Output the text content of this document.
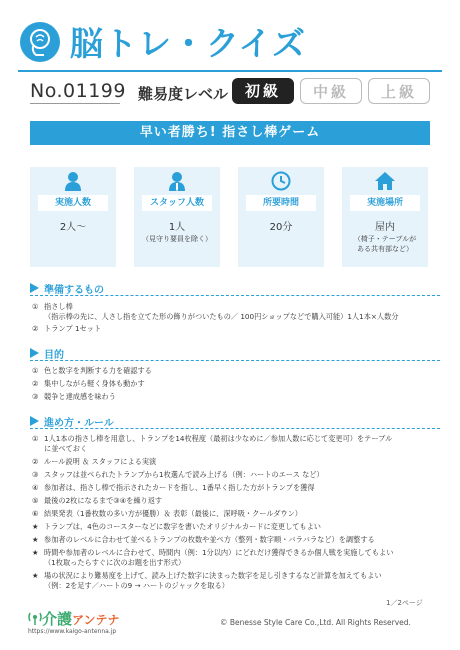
脳トレ・クイズ
No.01199 難易度レベル	初級	中級	上級
早い者勝ち! 指さし棒ゲーム
実施人数
2人～
スタッフ人数
1人
（見守り要員を除く）
所要時間
20分
実施場所
屋内
（椅子・テーブルが
ある共有部など）
準備するもの
① 指さし棒
（指示棒の先に、人さし指を立てた形の飾りがついたもの／ 100円ショップなどで購入可能）1人1本×人数分
② トランプ 1セット
目的
① 色と数字を判断する力を確認する
② 集中しながら軽く身体も動かす
③ 競争と達成感を味わう
進め方・ルール
① 1人1本の指さし棒を用意し、トランプを14枚程度（最初は少なめに／参加人数に応じて変更可）をテーブル
に並べておく
② ルール説明 ＆ スタッフによる実演
③ スタッフは並べられたトランプから1枚選んで読み上げる（例：ハートのエース など）
④ 参加者は、指さし棒で指示されたカードを指し、1番早く指した方がトランプを獲得
⑤ 最後の2枚になるまで③④を繰り返す
⑥ 結果発表（1番枚数の多い方が優勝）＆ 表彰（最後に、深呼吸・クールダウン）
★ トランプは、4色のコースターなどに数字を書いたオリジナルカードに変更してもよい
★ 参加者のレベルに合わせて並べるトランプの枚数や並べ方（整列・数字順・バラバラなど）を調整する
★ 時間や参加者のレベルに合わせて、時間内（例：1分以内）にどれだけ獲得できるか個人戦を実施してもよい
（1枚取ったらすぐに次のお題を出す形式）
★ 場の状況により難易度を上げて、読み上げた数字に決まった数字を足し引きするなど計算を加えてもよい
（例：2を足す／ハートの9 → ハートのジャックを取る）
1／2ページ
介護アンテナ
https://www.kaigo-antenna.jp
© Benesse Style Care Co.,Ltd. All Rights Reserved.
